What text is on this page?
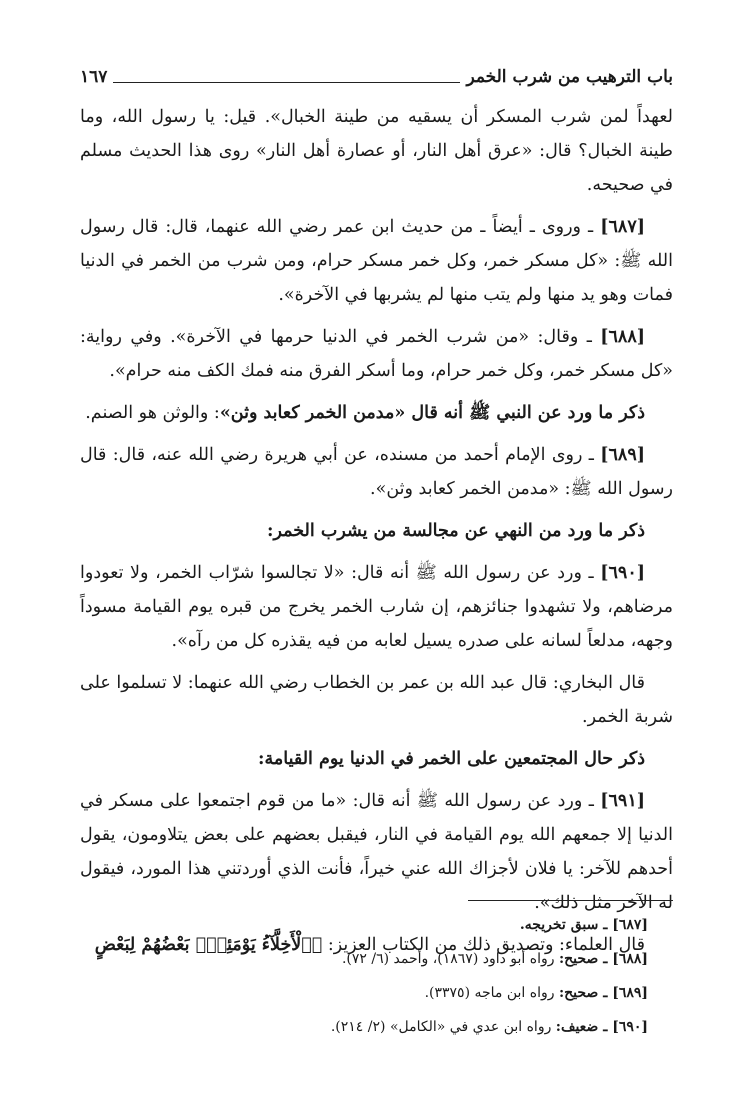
باب الترهيب من شرب الخمر
١٦٧

لعهداً لمن شرب المسكر أن يسقيه من طينة الخبال». قيل: يا رسول الله، وما طينة الخبال؟ قال: «عرق أهل النار، أو عصارة أهل النار» روى هذا الحديث مسلم في صحيحه.

[٦٨٧] ـ وروى ـ أيضاً ـ من حديث ابن عمر رضي الله عنهما، قال: قال رسول الله ﷺ: «كل مسكر خمر، وكل خمر مسكر حرام، ومن شرب من الخمر في الدنيا فمات وهو يد منها ولم يتب منها لم يشربها في الآخرة».

[٦٨٨] ـ وقال: «من شرب الخمر في الدنيا حرمها في الآخرة». وفي رواية: «كل مسكر خمر، وكل خمر حرام، وما أسكر الفرق منه فمك الكف منه حرام».

ذكر ما ورد عن النبي ﷺ أنه قال «مدمن الخمر كعابد وثن»: والوثن هو الصنم.

[٦٨٩] ـ روى الإمام أحمد من مسنده، عن أبي هريرة رضي الله عنه، قال: قال رسول الله ﷺ: «مدمن الخمر كعابد وثن».

ذكر ما ورد من النهي عن مجالسة من يشرب الخمر:

[٦٩٠] ـ ورد عن رسول الله ﷺ أنه قال: «لا تجالسوا شرّاب الخمر، ولا تعودوا مرضاهم، ولا تشهدوا جنائزهم، إن شارب الخمر يخرج من قبره يوم القيامة مسوداً وجهه، مدلعاً لسانه على صدره يسيل لعابه من فيه يقذره كل من رآه».

قال البخاري: قال عبد الله بن عمر بن الخطاب رضي الله عنهما: لا تسلموا على شربة الخمر.

ذكر حال المجتمعين على الخمر في الدنيا يوم القيامة:

[٦٩١] ـ ورد عن رسول الله ﷺ أنه قال: «ما من قوم اجتمعوا على مسكر في الدنيا إلا جمعهم الله يوم القيامة في النار، فيقبل بعضهم على بعض يتلاومون، يقول أحدهم للآخر: يا فلان لأجزاك الله عني خيراً، فأنت الذي أوردتني هذا المورد، فيقول له الآخر مثل ذلك».

قال العلماء: وتصديق ذلك من الكتاب العزيز: ﴿ٱلْأَخِلَّآءُ يَوْمَئِذٍۭ بَعْضُهُمْ لِبَعْضٍ

[٦٨٧] ـ سبق تخريجه.

[٦٨٨] ـ صحيح: رواه أبو داود (١٨٦٧)، وأحمد (٦/ ٧٢).

[٦٨٩] ـ صحيح: رواه ابن ماجه (٣٣٧٥).

[٦٩٠] ـ ضعيف: رواه ابن عدي في «الكامل» (٢/ ٢١٤).
